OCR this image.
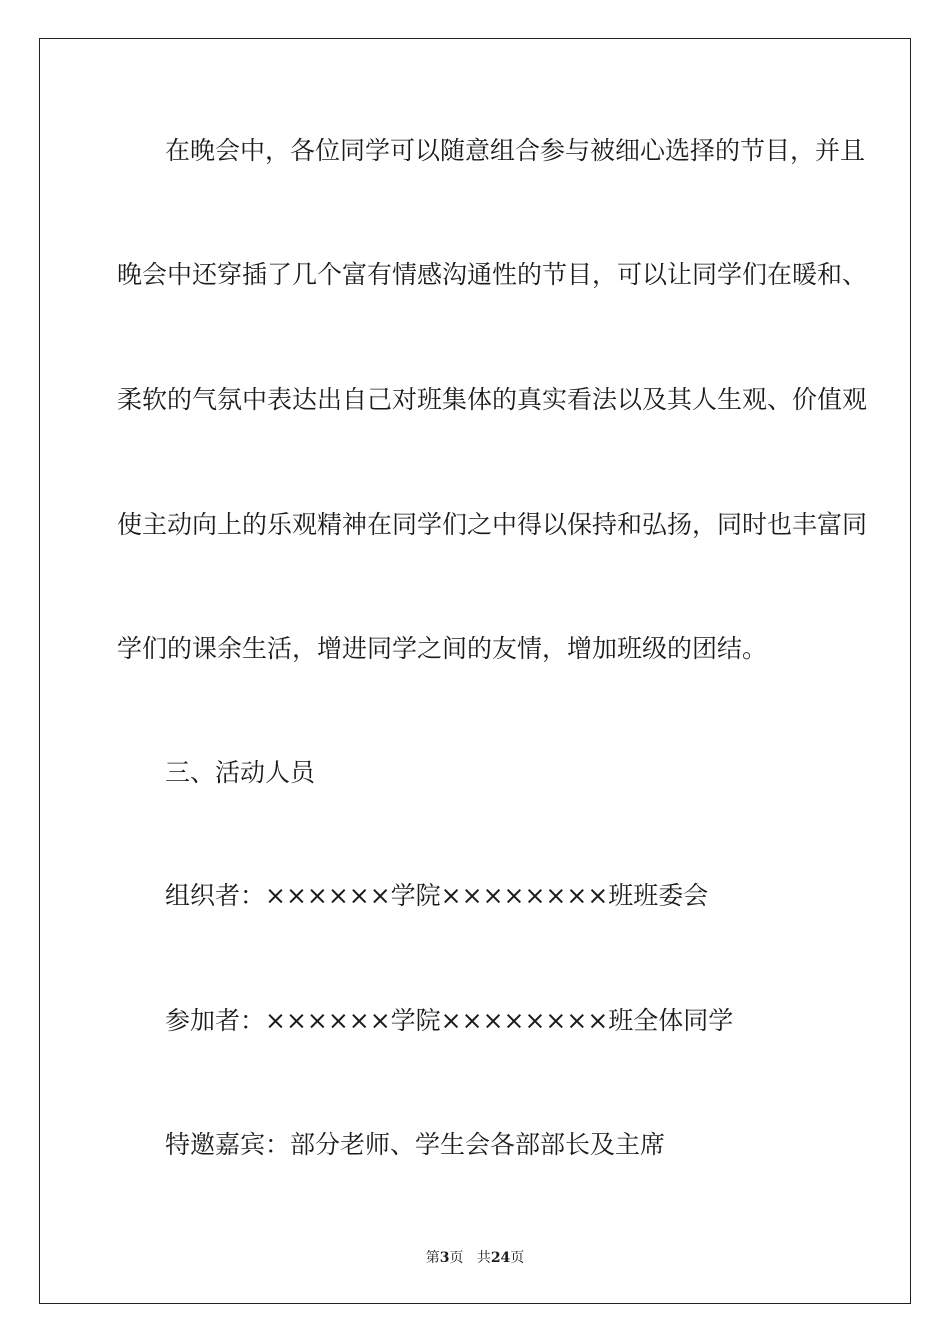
在晚会中，各位同学可以随意组合参与被细心选择的节目，并且
晚会中还穿插了几个富有情感沟通性的节目，可以让同学们在暖和、
柔软的气氛中表达出自己对班集体的真实看法以及其人生观、价值观
使主动向上的乐观精神在同学们之中得以保持和弘扬，同时也丰富同
学们的课余生活，增进同学之间的友情，增加班级的团结。
三、活动人员
组织者：××××××学院××××××××班班委会
参加者：××××××学院××××××××班全体同学
特邀嘉宾：部分老师、学生会各部部长及主席
第3页 共24页
